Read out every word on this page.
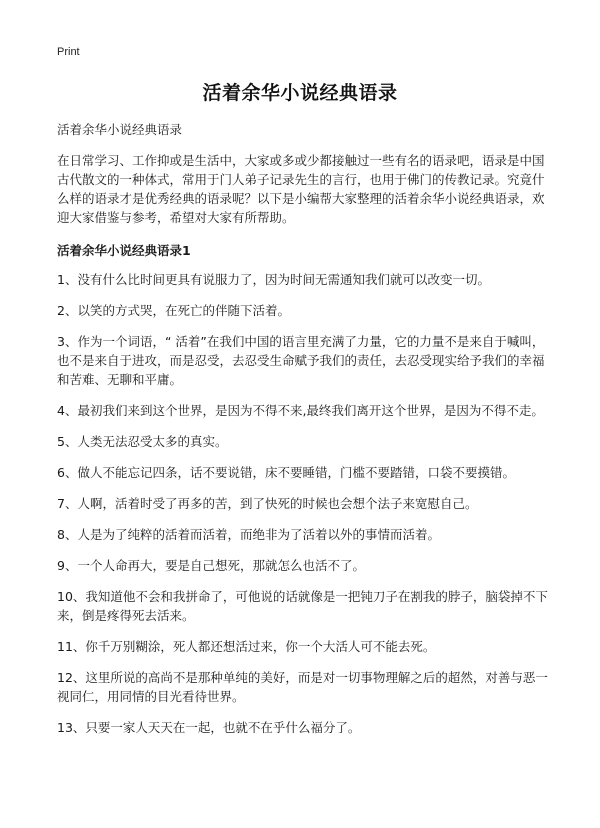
Print
活着余华小说经典语录

活着余华小说经典语录

在日常学习、工作抑或是生活中，大家或多或少都接触过一些有名的语录吧，语录是中国古代散文的一种体式，常用于门人弟子记录先生的言行，也用于佛门的传教记录。究竟什么样的语录才是优秀经典的语录呢？以下是小编帮大家整理的活着余华小说经典语录，欢迎大家借鉴与参考，希望对大家有所帮助。

活着余华小说经典语录1

1、没有什么比时间更具有说服力了，因为时间无需通知我们就可以改变一切。
2、以笑的方式哭，在死亡的伴随下活着。
3、作为一个词语，“ 活着”在我们中国的语言里充满了力量，它的力量不是来自于喊叫，也不是来自于进攻，而是忍受，去忍受生命赋予我们的责任，去忍受现实给予我们的幸福和苦难、无聊和平庸。
4、最初我们来到这个世界，是因为不得不来,最终我们离开这个世界，是因为不得不走。
5、人类无法忍受太多的真实。
6、做人不能忘记四条，话不要说错，床不要睡错，门槛不要踏错，口袋不要摸错。
7、人啊，活着时受了再多的苦，到了快死的时候也会想个法子来宽慰自己。
8、人是为了纯粹的活着而活着，而绝非为了活着以外的事情而活着。
9、一个人命再大，要是自己想死，那就怎么也活不了。
10、我知道他不会和我拼命了，可他说的话就像是一把钝刀子在割我的脖子，脑袋掉不下来，倒是疼得死去活来。
11、你千万别糊涂，死人都还想活过来，你一个大活人可不能去死。
12、这里所说的高尚不是那种单纯的美好，而是对一切事物理解之后的超然，对善与恶一视同仁，用同情的目光看待世界。
13、只要一家人天天在一起，也就不在乎什么福分了。
